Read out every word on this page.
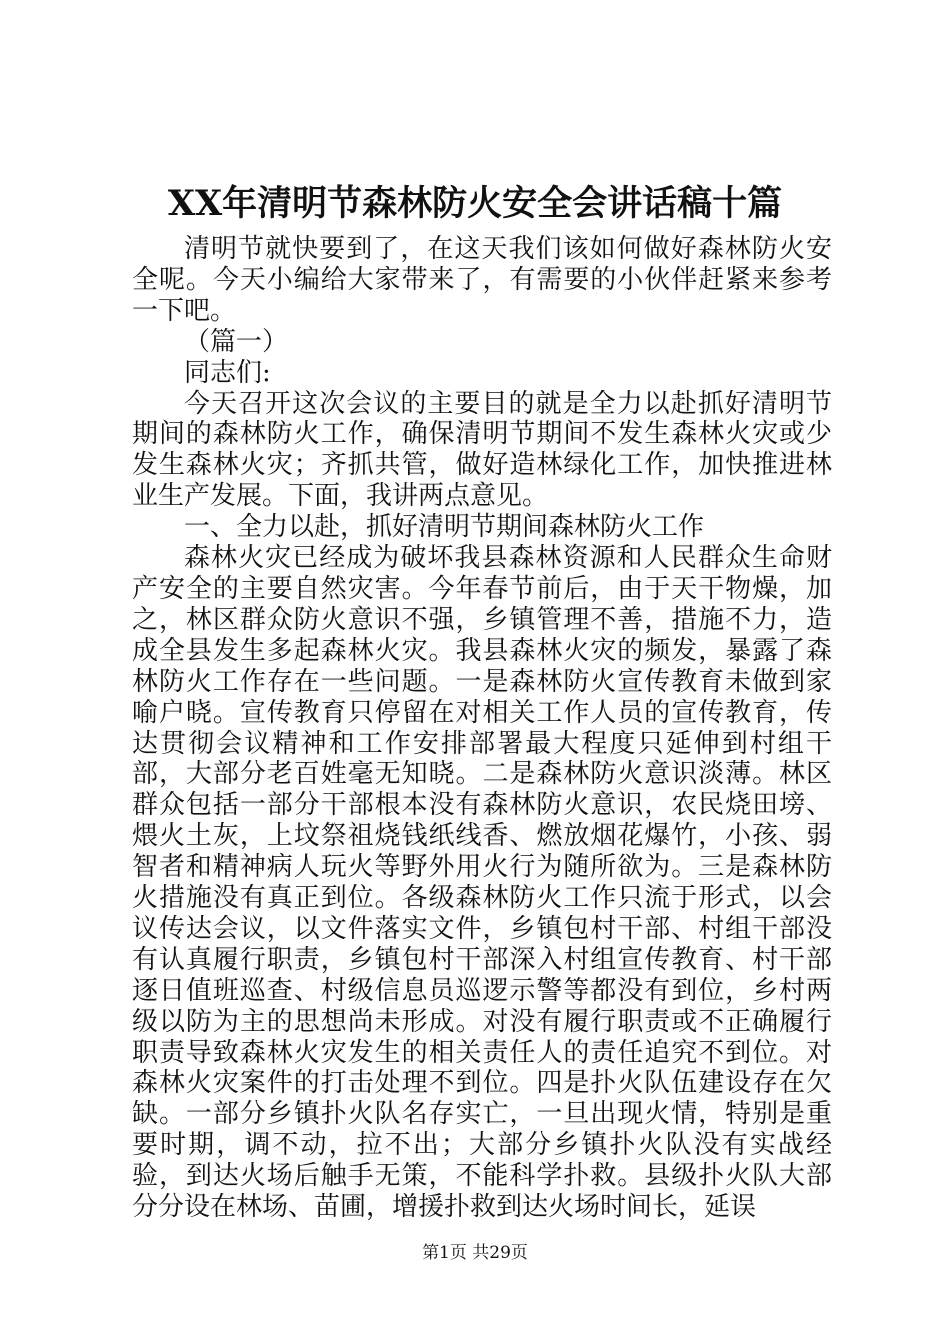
XX年清明节森林防火安全会讲话稿十篇

清明节就快要到了，在这天我们该如何做好森林防火安全呢。今天小编给大家带来了，有需要的小伙伴赶紧来参考一下吧。

（篇一）

同志们:

今天召开这次会议的主要目的就是全力以赴抓好清明节期间的森林防火工作，确保清明节期间不发生森林火灾或少发生森林火灾；齐抓共管，做好造林绿化工作，加快推进林业生产发展。下面，我讲两点意见。

一、全力以赴，抓好清明节期间森林防火工作

森林火灾已经成为破坏我县森林资源和人民群众生命财产安全的主要自然灾害。今年春节前后，由于天干物燥，加之，林区群众防火意识不强，乡镇管理不善，措施不力，造成全县发生多起森林火灾。我县森林火灾的频发，暴露了森林防火工作存在一些问题。一是森林防火宣传教育未做到家喻户晓。宣传教育只停留在对相关工作人员的宣传教育，传达贯彻会议精神和工作安排部署最大程度只延伸到村组干部，大部分老百姓毫无知晓。二是森林防火意识淡薄。林区群众包括一部分干部根本没有森林防火意识，农民烧田塝、煨火土灰，上坟祭祖烧钱纸线香、燃放烟花爆竹，小孩、弱智者和精神病人玩火等野外用火行为随所欲为。三是森林防火措施没有真正到位。各级森林防火工作只流于形式，以会议传达会议，以文件落实文件，乡镇包村干部、村组干部没有认真履行职责，乡镇包村干部深入村组宣传教育、村干部逐日值班巡查、村级信息员巡逻示警等都没有到位，乡村两级以防为主的思想尚未形成。对没有履行职责或不正确履行职责导致森林火灾发生的相关责任人的责任追究不到位。对森林火灾案件的打击处理不到位。四是扑火队伍建设存在欠缺。一部分乡镇扑火队名存实亡，一旦出现火情，特别是重要时期，调不动，拉不出；大部分乡镇扑火队没有实战经验，到达火场后触手无策，不能科学扑救。县级扑火队大部分分设在林场、苗圃，增援扑救到达火场时间长，延误

第1页 共29页
